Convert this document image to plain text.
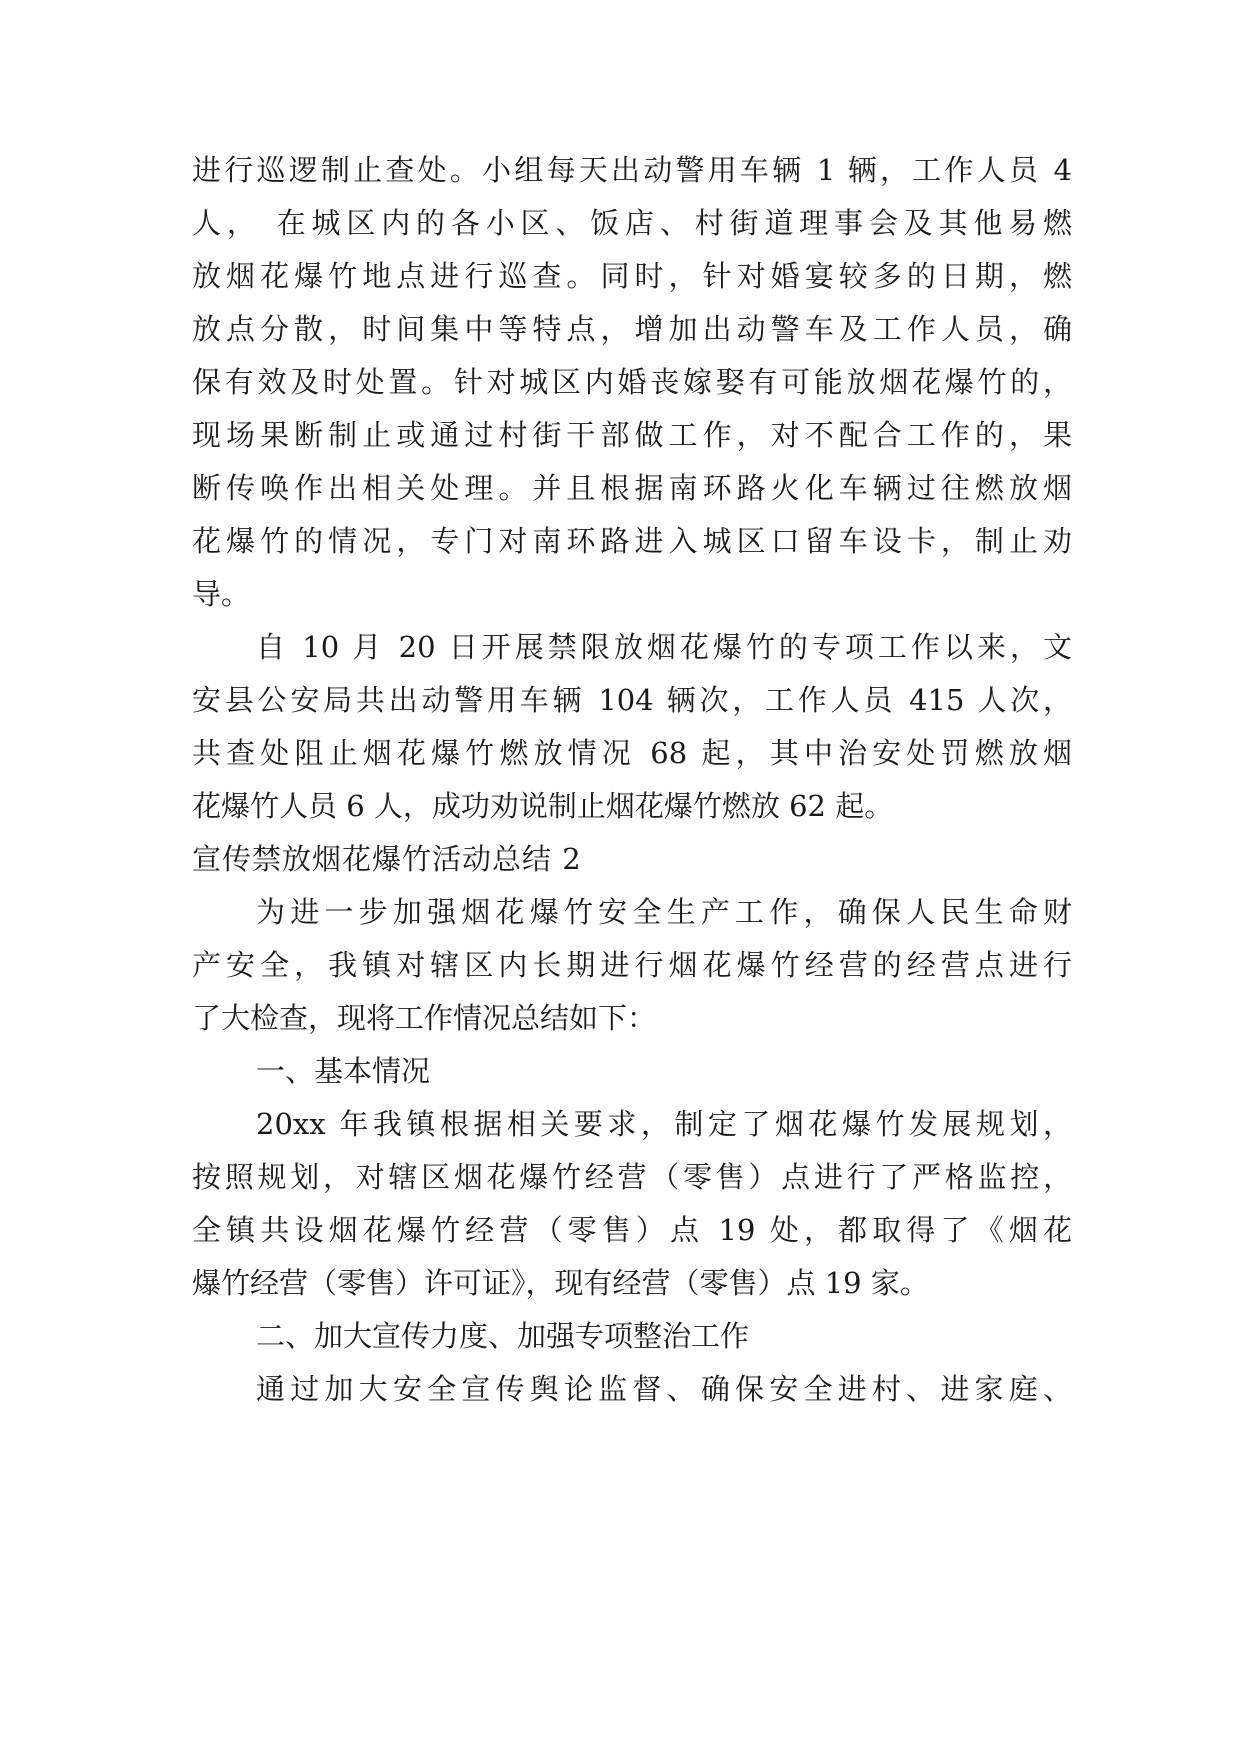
进行巡逻制止查处。小组每天出动警用车辆 1 辆，工作人员 4
人， 在城区内的各小区、饭店、村街道理事会及其他易燃
放烟花爆竹地点进行巡查。同时，针对婚宴较多的日期，燃
放点分散，时间集中等特点，增加出动警车及工作人员，确
保有效及时处置。针对城区内婚丧嫁娶有可能放烟花爆竹的，
现场果断制止或通过村街干部做工作，对不配合工作的，果
断传唤作出相关处理。并且根据南环路火化车辆过往燃放烟
花爆竹的情况，专门对南环路进入城区口留车设卡，制止劝
导。
自 10 月 20 日开展禁限放烟花爆竹的专项工作以来，文
安县公安局共出动警用车辆 104 辆次，工作人员 415 人次，
共查处阻止烟花爆竹燃放情况 68 起，其中治安处罚燃放烟
花爆竹人员 6 人，成功劝说制止烟花爆竹燃放 62 起。
宣传禁放烟花爆竹活动总结 2
为进一步加强烟花爆竹安全生产工作，确保人民生命财
产安全，我镇对辖区内长期进行烟花爆竹经营的经营点进行
了大检查，现将工作情况总结如下：
一、基本情况
20xx 年我镇根据相关要求，制定了烟花爆竹发展规划，
按照规划，对辖区烟花爆竹经营（零售）点进行了严格监控，
全镇共设烟花爆竹经营（零售）点 19 处，都取得了《烟花
爆竹经营（零售）许可证》，现有经营（零售）点 19 家。
二、加大宣传力度、加强专项整治工作
通过加大安全宣传舆论监督、确保安全进村、进家庭、
